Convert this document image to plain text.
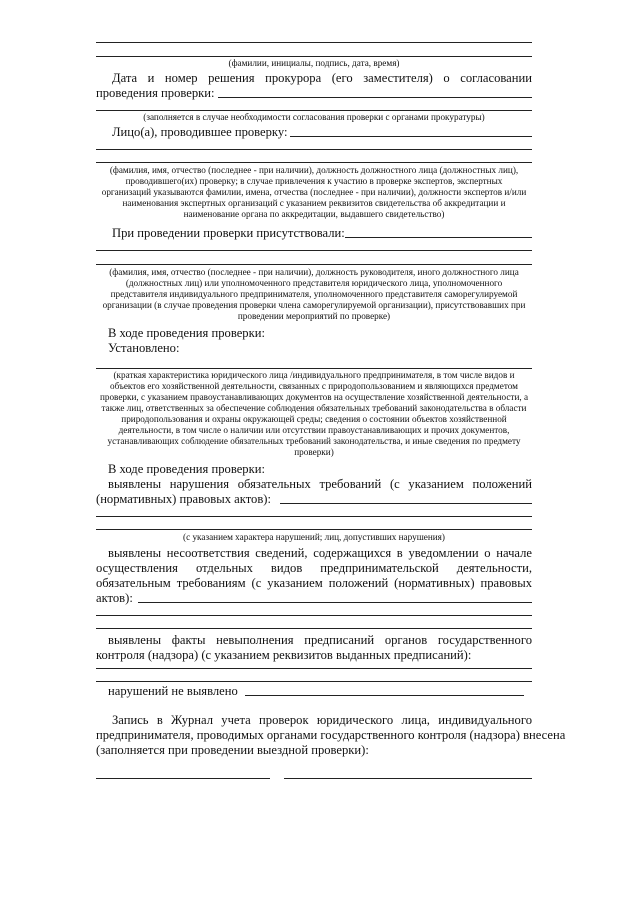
(фамилии, инициалы, подпись, дата, время)
Дата и номер решения прокурора (его заместителя) о согласовании
проведения проверки:
(заполняется в случае необходимости согласования проверки с органами прокуратуры)
Лицо(а), проводившее проверку:
(фамилия, имя, отчество (последнее - при наличии), должность должностного лица (должностных лиц),
проводившего(их) проверку; в случае привлечения к участию в проверке экспертов, экспертных
организаций указываются фамилии, имена, отчества (последнее - при наличии), должности экспертов и/или
наименования экспертных организаций с указанием реквизитов свидетельства об аккредитации и
наименование органа по аккредитации, выдавшего свидетельство)
При проведении проверки присутствовали:
(фамилия, имя, отчество (последнее - при наличии), должность руководителя, иного должностного лица
(должностных лиц) или уполномоченного представителя юридического лица, уполномоченного
представителя индивидуального предпринимателя, уполномоченного представителя саморегулируемой
организации (в случае проведения проверки члена саморегулируемой организации), присутствовавших при
проведении мероприятий по проверке)
В ходе проведения проверки:
Установлено:
(краткая характеристика юридического лица /индивидуального предпринимателя, в том числе видов и
объектов его хозяйственной деятельности, связанных с природопользованием и являющихся предметом
проверки, с указанием правоустанавливающих документов на осуществление хозяйственной деятельности, а
также лиц, ответственных за обеспечение соблюдения обязательных требований законодательства в области
природопользования и охраны окружающей среды; сведения о состоянии объектов хозяйственной
деятельности, в том числе о наличии или отсутствии правоустанавливающих и прочих документов,
устанавливающих соблюдение обязательных требований законодательства, и иные сведения по предмету
проверки)
В ходе проведения проверки:
выявлены нарушения обязательных требований (с указанием положений
(нормативных) правовых актов):
(с указанием характера нарушений; лиц, допустивших нарушения)
выявлены несоответствия сведений, содержащихся в уведомлении о начале
осуществления отдельных видов предпринимательской деятельности,
обязательным требованиям (с указанием положений (нормативных) правовых
актов):
выявлены факты невыполнения предписаний органов государственного
контроля (надзора) (с указанием реквизитов выданных предписаний):
нарушений не выявлено
Запись в Журнал учета проверок юридического лица, индивидуального
предпринимателя, проводимых органами государственного контроля (надзора) внесена
(заполняется при проведении выездной проверки):
